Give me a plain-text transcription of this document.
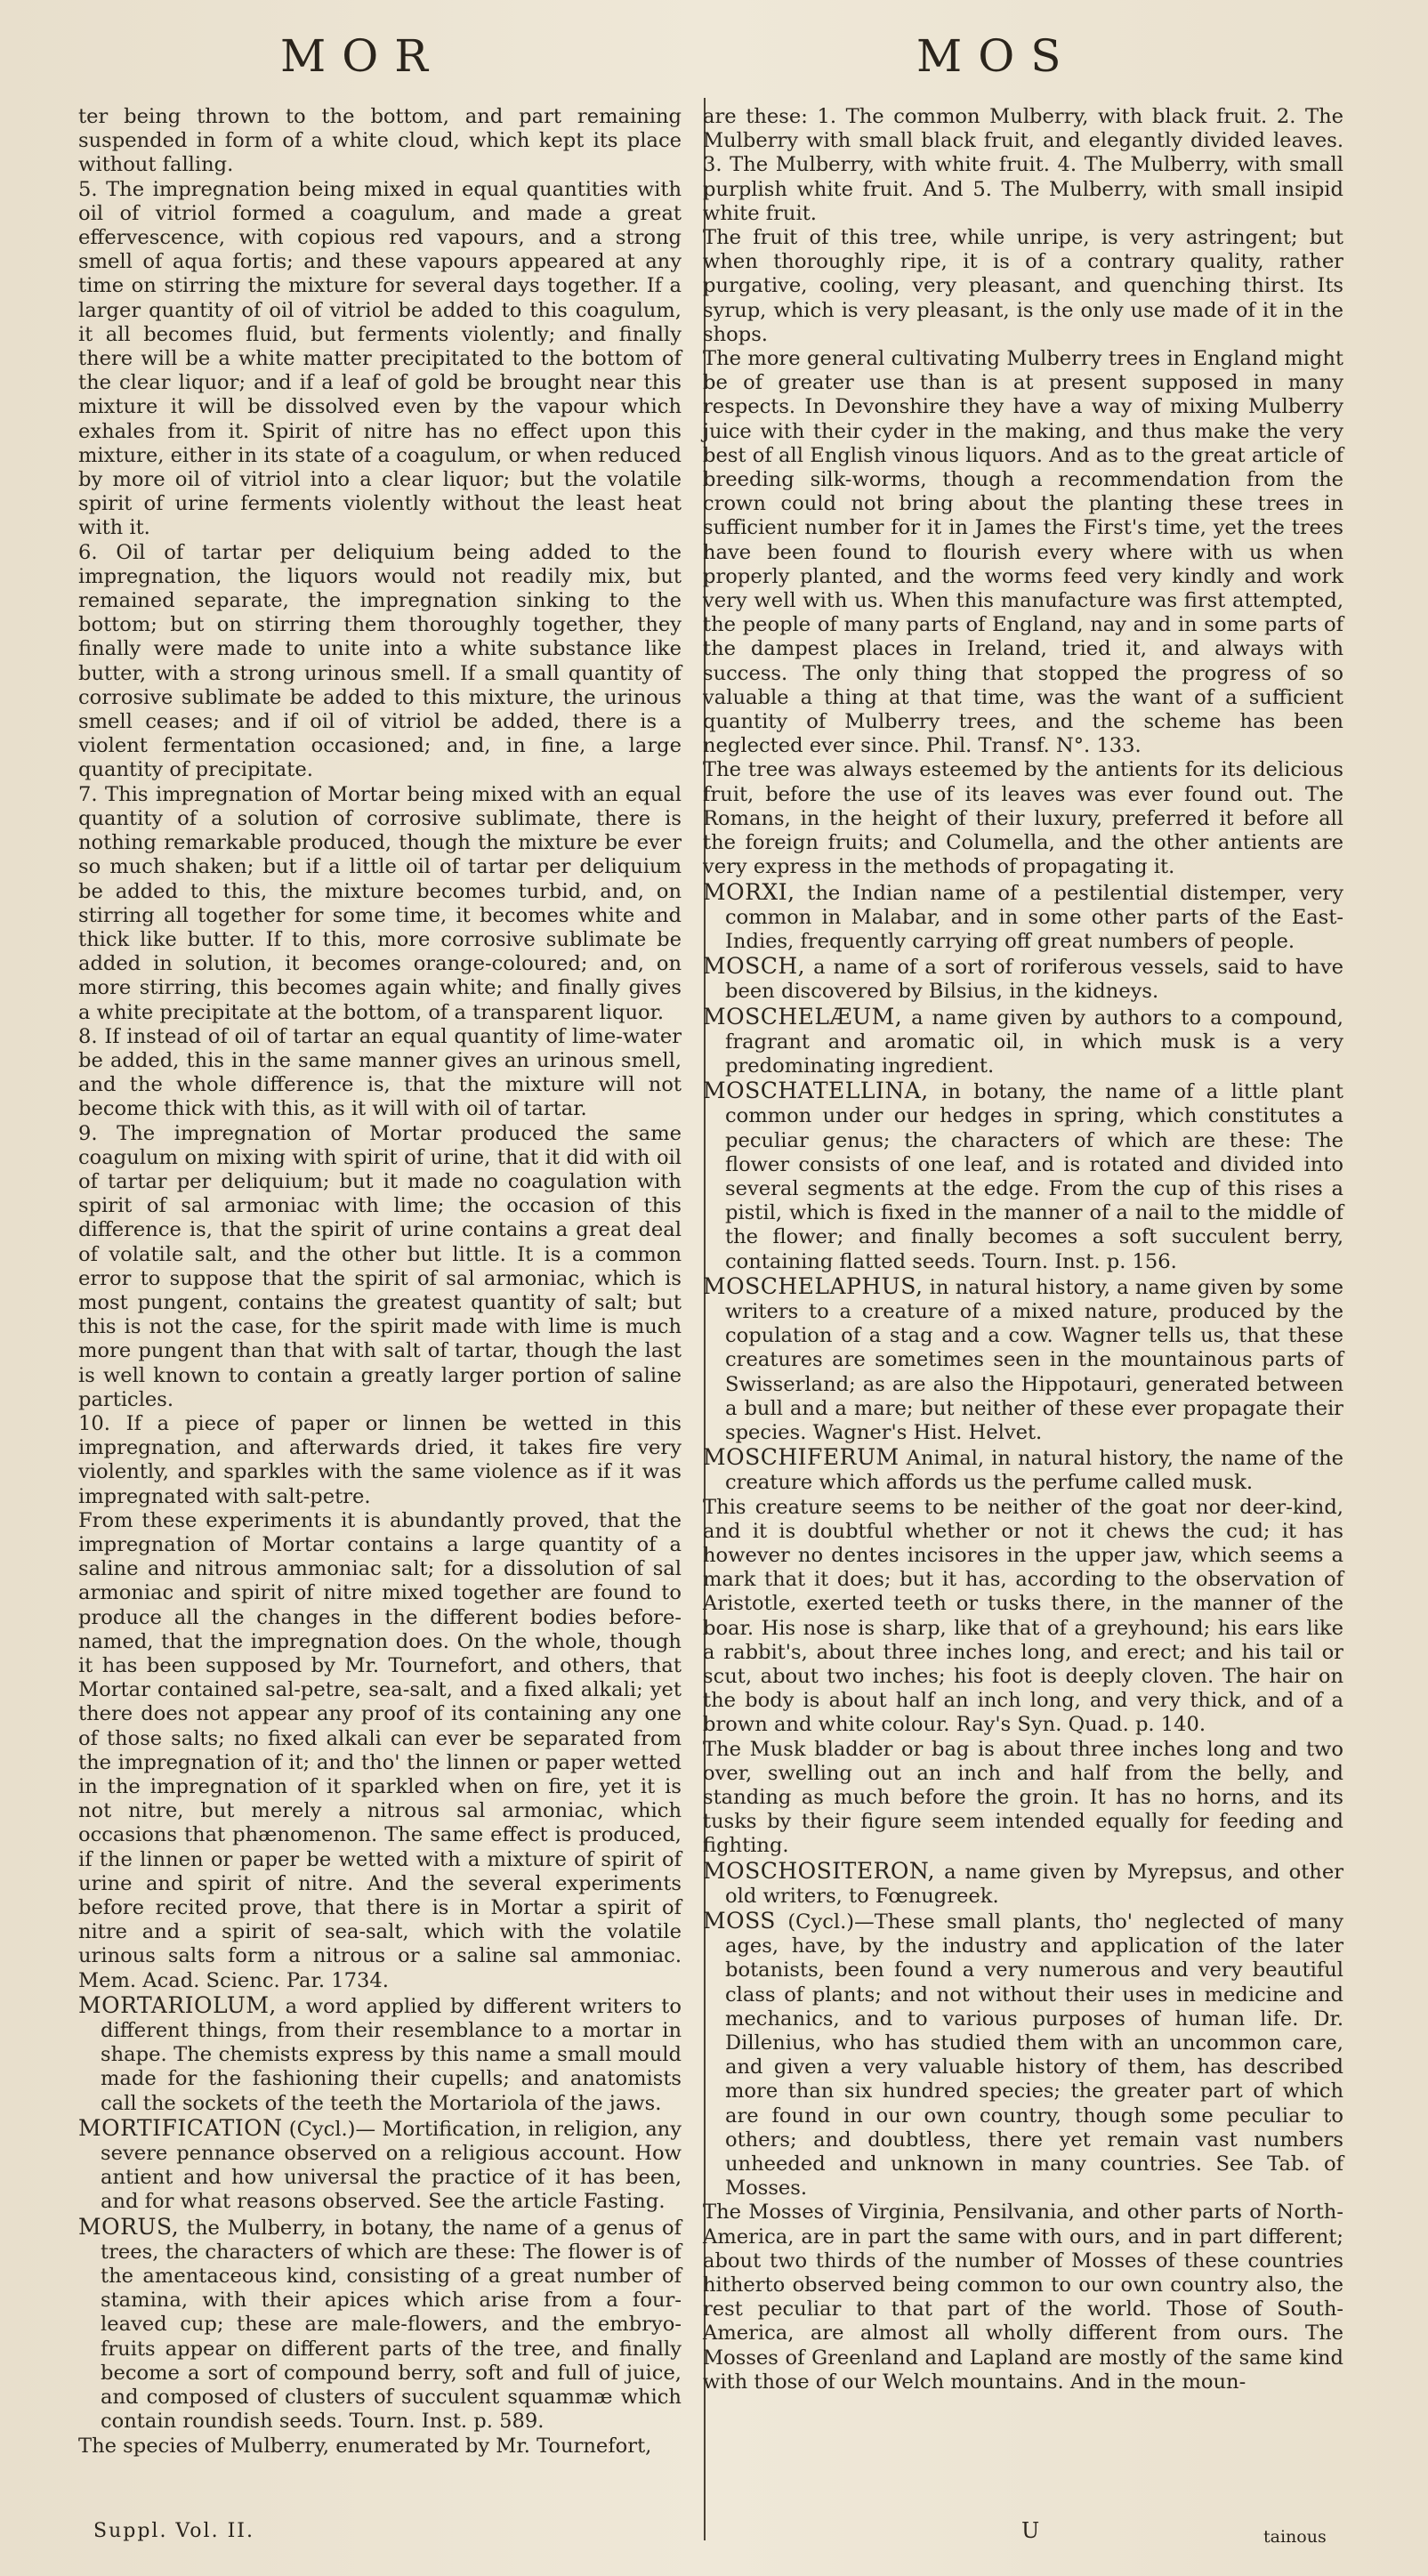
MOR	MOS

ter being thrown to the bottom, and part remaining suspended in form of a white cloud, which kept its place without falling.

5. The impregnation being mixed in equal quantities with oil of vitriol formed a coagulum, and made a great effervescence, with copious red vapours, and a strong smell of aqua fortis; and these vapours appeared at any time on stirring the mixture for several days together. If a larger quantity of oil of vitriol be added to this coagulum, it all becomes fluid, but ferments violently; and finally there will be a white matter precipitated to the bottom of the clear liquor; and if a leaf of gold be brought near this mixture it will be dissolved even by the vapour which exhales from it. Spirit of nitre has no effect upon this mixture, either in its state of a coagulum, or when reduced by more oil of vitriol into a clear liquor; but the volatile spirit of urine ferments violently without the least heat with it.

6. Oil of tartar per deliquium being added to the impregnation, the liquors would not readily mix, but remained separate, the impregnation sinking to the bottom; but on stirring them thoroughly together, they finally were made to unite into a white substance like butter, with a strong urinous smell. If a small quantity of corrosive sublimate be added to this mixture, the urinous smell ceases; and if oil of vitriol be added, there is a violent fermentation occasioned; and, in fine, a large quantity of precipitate.

7. This impregnation of Mortar being mixed with an equal quantity of a solution of corrosive sublimate, there is nothing remarkable produced, though the mixture be ever so much shaken; but if a little oil of tartar per deliquium be added to this, the mixture becomes turbid, and, on stirring all together for some time, it becomes white and thick like butter. If to this, more corrosive sublimate be added in solution, it becomes orange-coloured; and, on more stirring, this becomes again white; and finally gives a white precipitate at the bottom, of a transparent liquor.

8. If instead of oil of tartar an equal quantity of lime-water be added, this in the same manner gives an urinous smell, and the whole difference is, that the mixture will not become thick with this, as it will with oil of tartar.

9. The impregnation of Mortar produced the same coagulum on mixing with spirit of urine, that it did with oil of tartar per deliquium; but it made no coagulation with spirit of sal armoniac with lime; the occasion of this difference is, that the spirit of urine contains a great deal of volatile salt, and the other but little. It is a common error to suppose that the spirit of sal armoniac, which is most pungent, contains the greatest quantity of salt; but this is not the case, for the spirit made with lime is much more pungent than that with salt of tartar, though the last is well known to contain a greatly larger portion of saline particles.

10. If a piece of paper or linnen be wetted in this impregnation, and afterwards dried, it takes fire very violently, and sparkles with the same violence as if it was impregnated with salt-petre.

From these experiments it is abundantly proved, that the impregnation of Mortar contains a large quantity of a saline and nitrous ammoniac salt; for a dissolution of sal armoniac and spirit of nitre mixed together are found to produce all the changes in the different bodies before-named, that the impregnation does. On the whole, though it has been supposed by Mr. Tournefort, and others, that Mortar contained sal-petre, sea-salt, and a fixed alkali; yet there does not appear any proof of its containing any one of those salts; no fixed alkali can ever be separated from the impregnation of it; and tho' the linnen or paper wetted in the impregnation of it sparkled when on fire, yet it is not nitre, but merely a nitrous sal armoniac, which occasions that phænomenon. The same effect is produced, if the linnen or paper be wetted with a mixture of spirit of urine and spirit of nitre. And the several experiments before recited prove, that there is in Mortar a spirit of nitre and a spirit of sea-salt, which with the volatile urinous salts form a nitrous or a saline sal ammoniac. Mem. Acad. Scienc. Par. 1734.

MORTARIOLUM, a word applied by different writers to different things, from their resemblance to a mortar in shape. The chemists express by this name a small mould made for the fashioning their cupells; and anatomists call the sockets of the teeth the Mortariola of the jaws.

MORTIFICATION (Cycl.)— Mortification, in religion, any severe pennance observed on a religious account. How antient and how universal the practice of it has been, and for what reasons observed. See the article Fasting.

MORUS, the Mulberry, in botany, the name of a genus of trees, the characters of which are these: The flower is of the amentaceous kind, consisting of a great number of stamina, with their apices which arise from a four-leaved cup; these are male-flowers, and the embryo-fruits appear on different parts of the tree, and finally become a sort of compound berry, soft and full of juice, and composed of clusters of succulent squammæ which contain roundish seeds. Tourn. Inst. p. 589.

The species of Mulberry, enumerated by Mr. Tournefort,

are these: 1. The common Mulberry, with black fruit. 2. The Mulberry with small black fruit, and elegantly divided leaves. 3. The Mulberry, with white fruit. 4. The Mulberry, with small purplish white fruit. And 5. The Mulberry, with small insipid white fruit.

The fruit of this tree, while unripe, is very astringent; but when thoroughly ripe, it is of a contrary quality, rather purgative, cooling, very pleasant, and quenching thirst. Its syrup, which is very pleasant, is the only use made of it in the shops.

The more general cultivating Mulberry trees in England might be of greater use than is at present supposed in many respects. In Devonshire they have a way of mixing Mulberry juice with their cyder in the making, and thus make the very best of all English vinous liquors. And as to the great article of breeding silk-worms, though a recommendation from the crown could not bring about the planting these trees in sufficient number for it in James the First's time, yet the trees have been found to flourish every where with us when properly planted, and the worms feed very kindly and work very well with us. When this manufacture was first attempted, the people of many parts of England, nay and in some parts of the dampest places in Ireland, tried it, and always with success. The only thing that stopped the progress of so valuable a thing at that time, was the want of a sufficient quantity of Mulberry trees, and the scheme has been neglected ever since. Phil. Transf. N°. 133.

The tree was always esteemed by the antients for its delicious fruit, before the use of its leaves was ever found out. The Romans, in the height of their luxury, preferred it before all the foreign fruits; and Columella, and the other antients are very express in the methods of propagating it.

MORXI, the Indian name of a pestilential distemper, very common in Malabar, and in some other parts of the East-Indies, frequently carrying off great numbers of people.

MOSCH, a name of a sort of roriferous vessels, said to have been discovered by Bilsius, in the kidneys.

MOSCHELÆUM, a name given by authors to a compound, fragrant and aromatic oil, in which musk is a very predominating ingredient.

MOSCHATELLINA, in botany, the name of a little plant common under our hedges in spring, which constitutes a peculiar genus; the characters of which are these: The flower consists of one leaf, and is rotated and divided into several segments at the edge. From the cup of this rises a pistil, which is fixed in the manner of a nail to the middle of the flower; and finally becomes a soft succulent berry, containing flatted seeds. Tourn. Inst. p. 156.

MOSCHELAPHUS, in natural history, a name given by some writers to a creature of a mixed nature, produced by the copulation of a stag and a cow. Wagner tells us, that these creatures are sometimes seen in the mountainous parts of Swisserland; as are also the Hippotauri, generated between a bull and a mare; but neither of these ever propagate their species. Wagner's Hist. Helvet.

MOSCHIFERUM Animal, in natural history, the name of the creature which affords us the perfume called musk.

This creature seems to be neither of the goat nor deer-kind, and it is doubtful whether or not it chews the cud; it has however no dentes incisores in the upper jaw, which seems a mark that it does; but it has, according to the observation of Aristotle, exerted teeth or tusks there, in the manner of the boar. His nose is sharp, like that of a greyhound; his ears like a rabbit's, about three inches long, and erect; and his tail or scut, about two inches; his foot is deeply cloven. The hair on the body is about half an inch long, and very thick, and of a brown and white colour. Ray's Syn. Quad. p. 140.

The Musk bladder or bag is about three inches long and two over, swelling out an inch and half from the belly, and standing as much before the groin. It has no horns, and its tusks by their figure seem intended equally for feeding and fighting.

MOSCHOSITERON, a name given by Myrepsus, and other old writers, to Fœnugreek.

MOSS (Cycl.)—These small plants, tho' neglected of many ages, have, by the industry and application of the later botanists, been found a very numerous and very beautiful class of plants; and not without their uses in medicine and mechanics, and to various purposes of human life. Dr. Dillenius, who has studied them with an uncommon care, and given a very valuable history of them, has described more than six hundred species; the greater part of which are found in our own country, though some peculiar to others; and doubtless, there yet remain vast numbers unheeded and unknown in many countries. See Tab. of Mosses.

The Mosses of Virginia, Pensilvania, and other parts of North-America, are in part the same with ours, and in part different; about two thirds of the number of Mosses of these countries hitherto observed being common to our own country also, the rest peculiar to that part of the world. Those of South-America, are almost all wholly different from ours. The Mosses of Greenland and Lapland are mostly of the same kind with those of our Welch mountains. And in the moun-

Suppl. Vol. II.	U	tainous
